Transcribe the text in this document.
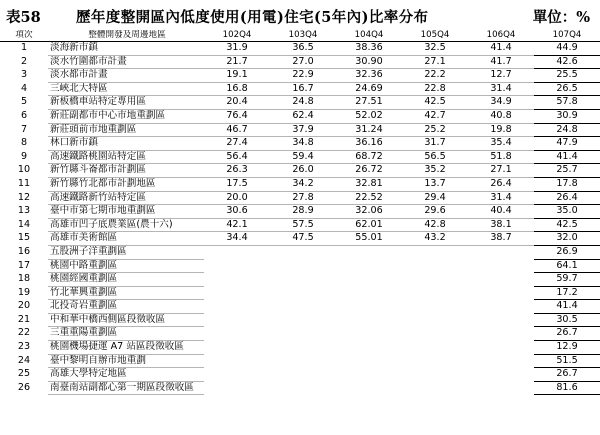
表58 歷年度整開區內低度使用(用電)住宅(5年內)比率分布	單位：%
項次	整體開發及周邊地區	102Q4	103Q4	104Q4	105Q4	106Q4	107Q4
1	淡海新市鎮	31.9	36.5	38.36	32.5	41.4	44.9
2	淡水竹圍都市計畫	21.7	27.0	30.90	27.1	41.7	42.6
3	淡水都市計畫	19.1	22.9	32.36	22.2	12.7	25.5
4	三峽北大特區	16.8	16.7	24.69	22.8	31.4	26.5
5	新板橋車站特定專用區	20.4	24.8	27.51	42.5	34.9	57.8
6	新莊副都市中心市地重劃區	76.4	62.4	52.02	42.7	40.8	30.9
7	新莊頭前市地重劃區	46.7	37.9	31.24	25.2	19.8	24.8
8	林口新市鎮	27.4	34.8	36.16	31.7	35.4	47.9
9	高速鐵路桃園站特定區	56.4	59.4	68.72	56.5	51.8	41.4
10	新竹縣斗崙都市計劃區	26.3	26.0	26.72	35.2	27.1	25.7
11	新竹縣竹北都市計劃地區	17.5	34.2	32.81	13.7	26.4	17.8
12	高速鐵路新竹站特定區	20.0	27.8	22.52	29.4	31.4	26.4
13	臺中市第七期市地重劃區	30.6	28.9	32.06	29.6	40.4	35.0
14	高雄市凹子底農業區(農十六)	42.1	57.5	62.01	42.8	38.1	42.5
15	高雄市美術館區	34.4	47.5	55.01	43.2	38.7	32.0
16	五股洲子洋重劃區						26.9
17	桃園中路重劃區						64.1
18	桃園經國重劃區						59.7
19	竹北華興重劃區						17.2
20	北投奇岩重劃區						41.4
21	中和華中橋西側區段徵收區						30.5
22	三重重陽重劃區						26.7
23	桃園機場捷運 A7 站區段徵收區						12.9
24	臺中黎明自辦市地重劃						51.5
25	高雄大學特定地區						26.7
26	南臺南站副都心第一期區段徵收區						81.6
